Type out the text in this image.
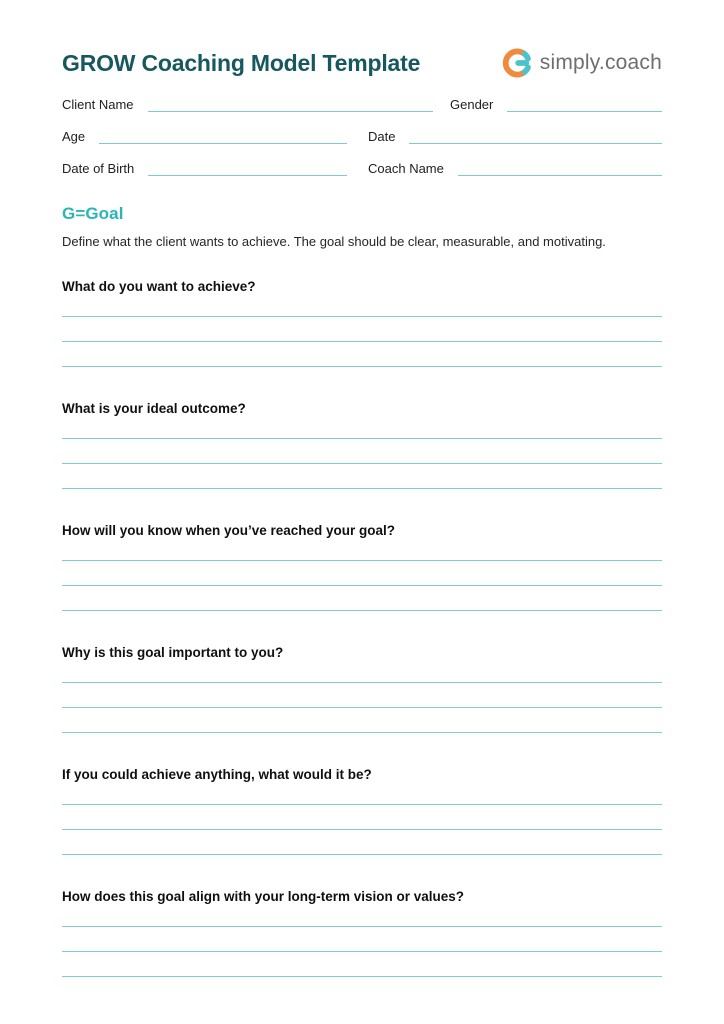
GROW Coaching Model Template	simply.coach
Client Name	Gender
Age	Date
Date of Birth	Coach Name
G=Goal
Define what the client wants to achieve. The goal should be clear, measurable, and motivating.
What do you want to achieve?
What is your ideal outcome?
How will you know when you’ve reached your goal?
Why is this goal important to you?
If you could achieve anything, what would it be?
How does this goal align with your long-term vision or values?
